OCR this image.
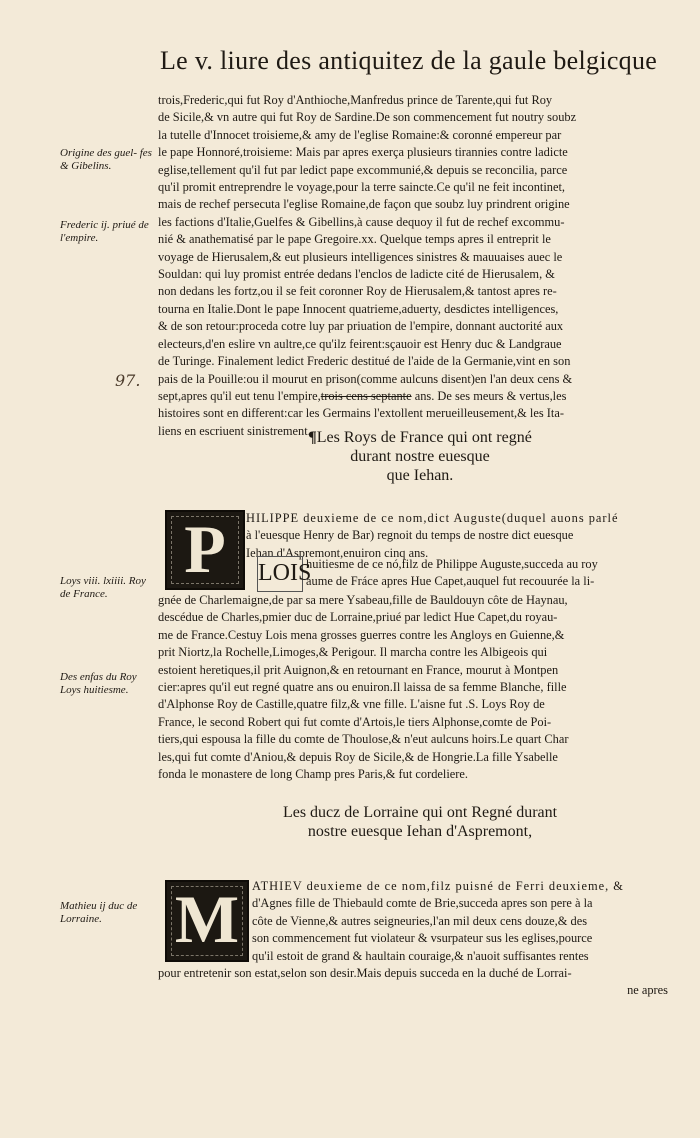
Le v. liure des antiquitez de la gaule belgicque
Origine des guel- fes & Gibelins.
Frederic ij. priué de l'empire.
Loys viii. lxiiii. Roy de France.
Des enfas du Roy Loys huitiesme.
Mathieu ij duc de Lorraine.
97.

trois,Frederic,qui fut Roy d'Anthioche,Manfredus prince de Tarente,qui fut Roy

de Sicile,& vn autre qui fut Roy de Sardine.De son commencement fut noutry soubz

la tutelle d'Innocet troisieme,& amy de l'eglise Romaine:& coronné empereur par

le pape Honnoré,troisieme: Mais par apres exerça plusieurs tirannies contre ladicte

eglise,tellement qu'il fut par ledict pape excommunié,& depuis se reconcilia, parce

qu'il promit entreprendre le voyage,pour la terre saincte.Ce qu'il ne feit incontinet,

mais de rechef persecuta l'eglise Romaine,de façon que soubz luy prindrent origine

les factions d'Italie,Guelfes & Gibellins,à cause dequoy il fut de rechef excommu-

nié & anathematisé par le pape Gregoire.xx. Quelque temps apres il entreprit le

voyage de Hierusalem,& eut plusieurs intelligences sinistres & mauuaises auec le

Souldan: qui luy promist entrée dedans l'enclos de ladicte cité de Hierusalem, &

non dedans les fortz,ou il se feit coronner Roy de Hierusalem,& tantost apres re-

tourna en Italie.Dont le pape Innocent quatrieme,aduerty, desdictes intelligences,

& de son retour:proceda cotre luy par priuation de l'empire, donnant auctorité aux

electeurs,d'en eslire vn aultre,ce qu'ilz feirent:sçauoir est Henry duc & Landgraue

de Turinge. Finalement ledict Frederic destitué de l'aide de la Germanie,vint en son

pais de la Pouille:ou il mourut en prison(comme aulcuns disent)en l'an deux cens &

sept,apres qu'il eut tenu l'empire,trois cens septante ans. De ses meurs & vertus,les

histoires sont en different:car les Germains l'extollent merueilleusement,& les Ita-

liens en escriuent sinistrement.

¶Les Roys de France qui ont regné
durant nostre euesque
que Iehan.
P	HILIPPE deuxieme de ce nom,dict Auguste(duquel auons parlé

à l'euesque Henry de Bar) regnoit du temps de nostre dict euesque

Iehan d'Aspremont,enuiron cinq ans.

LOIS

huitiesme de ce nó,filz de Philippe Auguste,succeda au roy

aume de Fráce apres Hue Capet,auquel fut recouurée la li-

gnée de Charlemaigne,de par sa mere Ysabeau,fille de Bauldouyn côte de Haynau,

descédue de Charles,pmier duc de Lorraine,priué par ledict Hue Capet,du royau-

me de France.Cestuy Lois mena grosses guerres contre les Angloys en Guienne,&

prit Niortz,la Rochelle,Limoges,& Perigour. Il marcha contre les Albigeois qui

estoient heretiques,il prit Auignon,& en retournant en France, mourut à Montpen

cier:apres qu'il eut regné quatre ans ou enuiron.Il laissa de sa femme Blanche, fille

d'Alphonse Roy de Castille,quatre filz,& vne fille. L'aisne fut .S. Loys Roy de

France, le second Robert qui fut comte d'Artois,le tiers Alphonse,comte de Poi-

tiers,qui espousa la fille du comte de Thoulose,& n'eut aulcuns hoirs.Le quart Char

les,qui fut comte d'Aniou,& depuis Roy de Sicile,& de Hongrie.La fille Ysabelle

fonda le monastere de long Champ pres Paris,& fut cordeliere.

Les ducz de Lorraine qui ont Regné durant
nostre euesque Iehan d'Aspremont,
M	ATHIEV deuxieme de ce nom,filz puisné de Ferri deuxieme, &

d'Agnes fille de Thiebauld comte de Brie,succeda apres son pere à la

côte de Vienne,& autres seigneuries,l'an mil deux cens douze,& des

son commencement fut violateur & vsurpateur sus les eglises,pource

qu'il estoit de grand & haultain couraige,& n'auoit suffisantes rentes

pour entretenir son estat,selon son desir.Mais depuis succeda en la duché de Lorrai-

ne apres
